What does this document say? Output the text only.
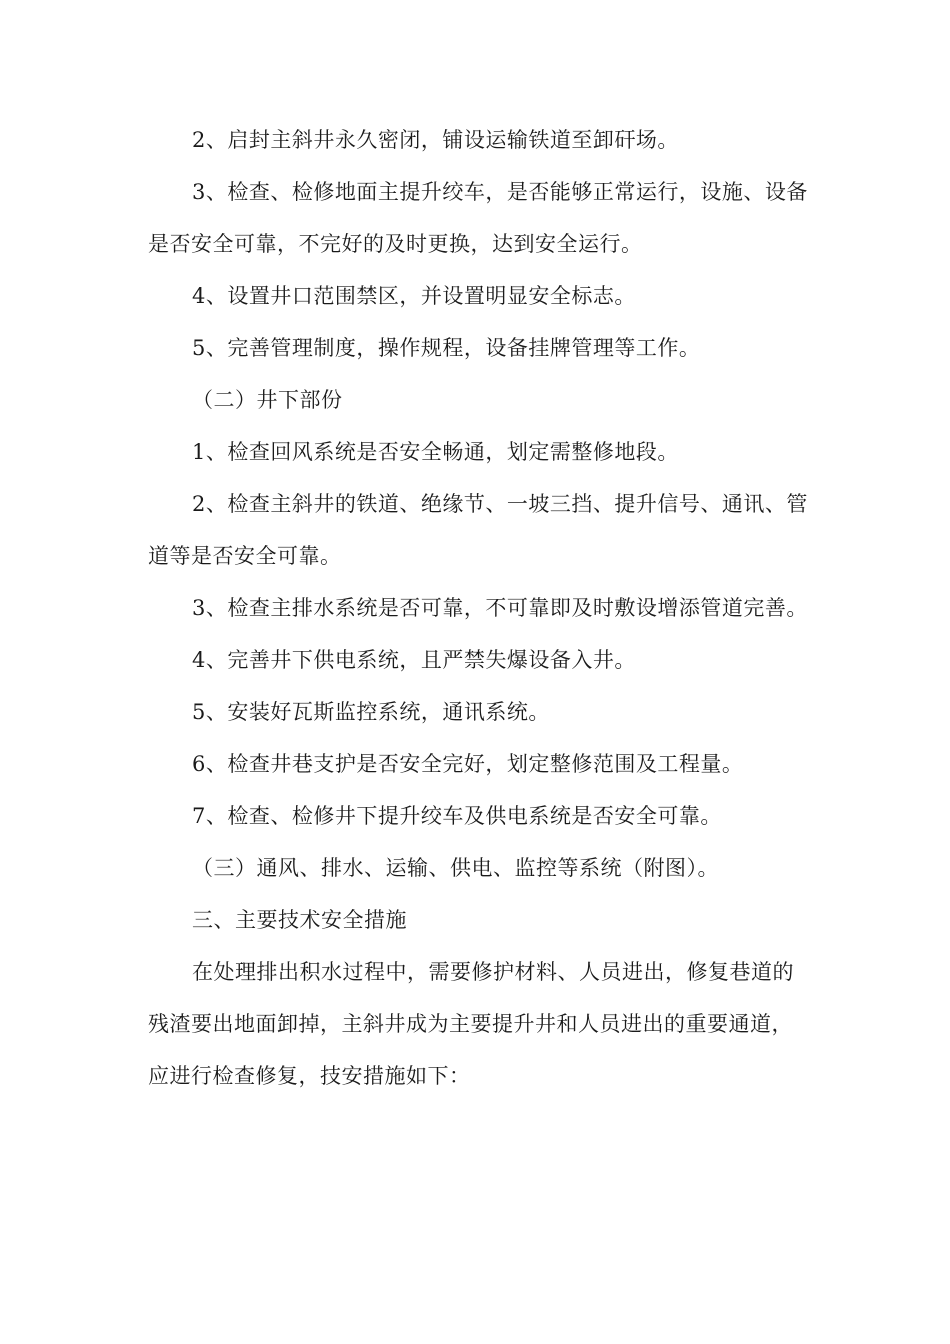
2、启封主斜井永久密闭，铺设运输铁道至卸矸场。

3、检查、检修地面主提升绞车，是否能够正常运行，设施、设备是否安全可靠，不完好的及时更换，达到安全运行。

4、设置井口范围禁区，并设置明显安全标志。

5、完善管理制度，操作规程，设备挂牌管理等工作。

（二）井下部份

1、检查回风系统是否安全畅通，划定需整修地段。

2、检查主斜井的铁道、绝缘节、一坡三挡、提升信号、通讯、管道等是否安全可靠。

3、检查主排水系统是否可靠，不可靠即及时敷设增添管道完善。

4、完善井下供电系统，且严禁失爆设备入井。

5、安装好瓦斯监控系统，通讯系统。

6、检查井巷支护是否安全完好，划定整修范围及工程量。

7、检查、检修井下提升绞车及供电系统是否安全可靠。

（三）通风、排水、运输、供电、监控等系统（附图）。

三、主要技术安全措施

在处理排出积水过程中，需要修护材料、人员进出，修复巷道的残渣要出地面卸掉，主斜井成为主要提升井和人员进出的重要通道，应进行检查修复，技安措施如下：
